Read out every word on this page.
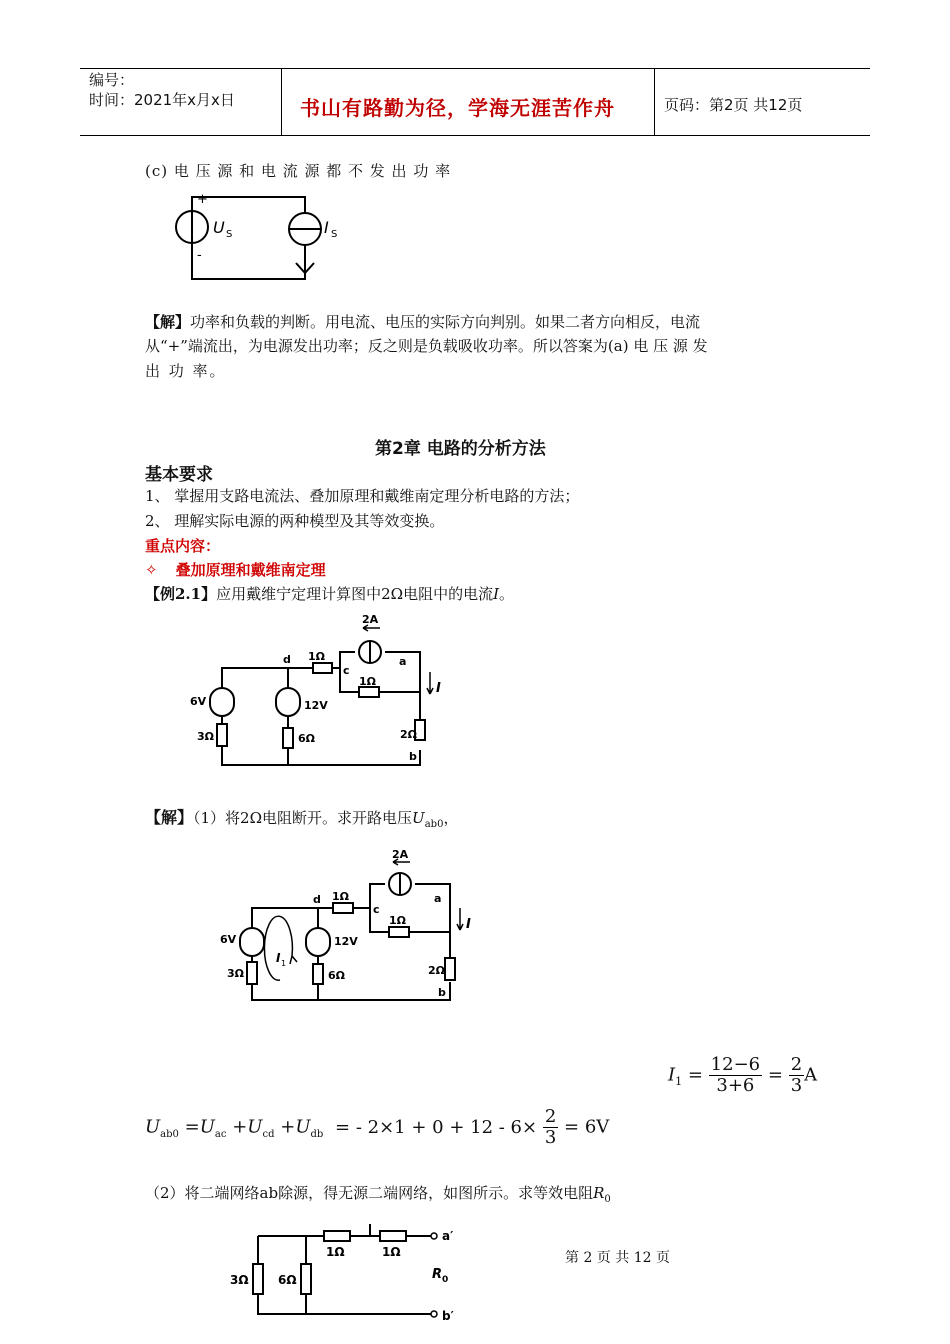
编号：
时间：2021年x月x日	书山有路勤为径，学海无涯苦作舟	页码：第2页 共12页
(c) 电 压 源 和 电 流 源 都 不 发 出 功 率
+
-
U S	I S
【解】功率和负载的判断。用电流、电压的实际方向判别。如果二者方向相反，电流
从“+”端流出，为电源发出功率；反之则是负载吸收功率。所以答案为(a) 电 压 源 发
出 功 率。
第2章 电路的分析方法
基本要求
1、 掌握用支路电流法、叠加原理和戴维南定理分析电路的方法；
2、 理解实际电源的两种模型及其等效变换。
重点内容：
✧ 叠加原理和戴维南定理
【例2.1】应用戴维宁定理计算图中2Ω电阻中的电流I。
2A
1Ω
1Ω
d
c
a
b
6V	12V
3Ω	6Ω	2Ω
I
【解】（1）将2Ω电阻断开。求开路电压$U_{ab0}$，
2A
1Ω
1Ω
d
c
a
b
6V	12V
3Ω	6Ω	2Ω
I
I 1
$I_1 = \frac{12-6}{3+6} = \frac{2}{3}$ A
$U_{ab0} =U_{ac} +U_{cd} +U_{db}$ = - $2\times 1 + 0 + 12 - 6\times \frac{2}{3} = 6V$
（2）将二端网络ab除源，得无源二端网络，如图所示。求等效电阻$R_0$
1Ω	1Ω
3Ω 6Ω
a′
b′
R 0
第 2 页 共 12 页
